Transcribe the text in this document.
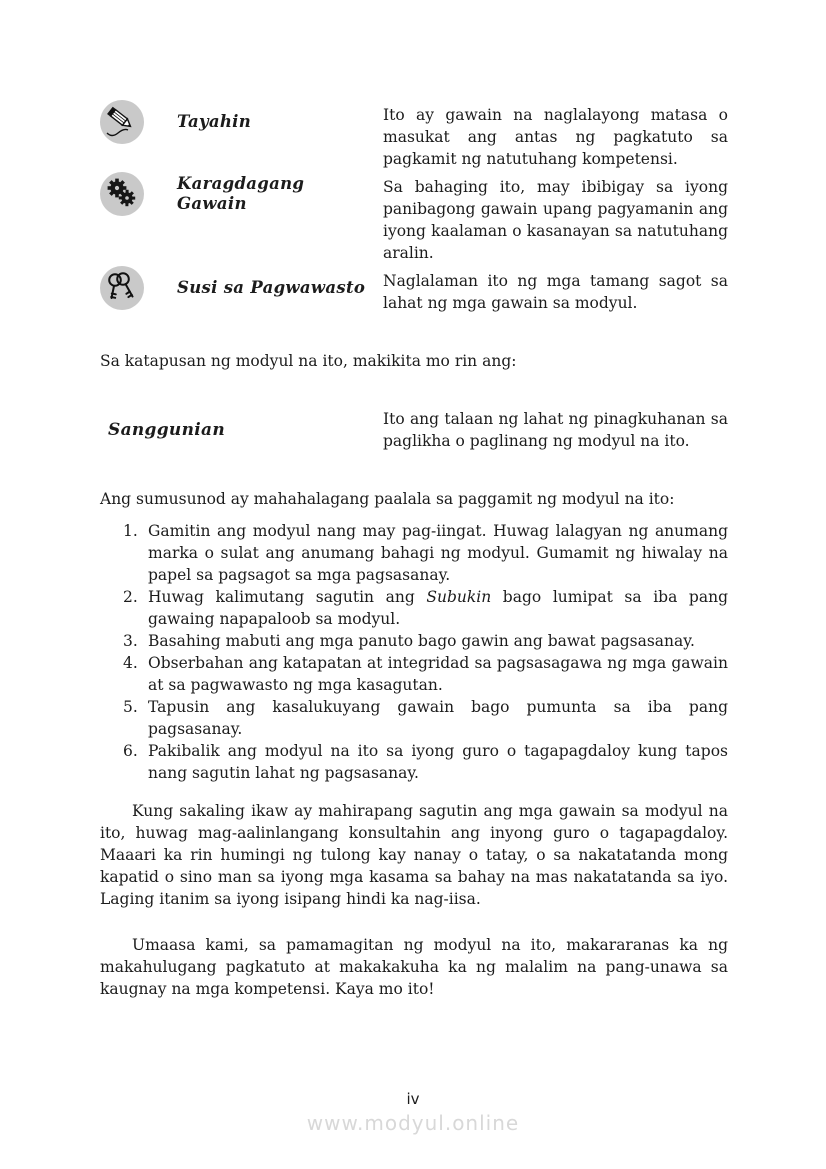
Tayahin	Ito ay gawain na naglalayong matasa o masukat ang antas ng pagkatuto sa pagkamit ng natutuhang kompetensi.
Karagdagang
Gawain
Sa bahaging ito, may ibibigay sa iyong panibagong gawain upang pagyamanin ang iyong kaalaman o kasanayan sa natutuhang aralin.
Susi sa Pagwawasto	Naglalaman ito ng mga tamang sagot sa lahat ng mga gawain sa modyul.

Sa katapusan ng modyul na ito, makikita mo rin ang:

Sanggunian
Ito ang talaan ng lahat ng pinagkuhanan sa paglikha o paglinang ng modyul na ito.

Ang sumusunod ay mahahalagang paalala sa paggamit ng modyul na ito:

1. Gamitin ang modyul nang may pag-iingat. Huwag lalagyan ng anumang marka o sulat ang anumang bahagi ng modyul. Gumamit ng hiwalay na papel sa pagsagot sa mga pagsasanay.
2. Huwag kalimutang sagutin ang Subukin bago lumipat sa iba pang gawaing napapaloob sa modyul.
3. Basahing mabuti ang mga panuto bago gawin ang bawat pagsasanay.
4. Obserbahan ang katapatan at integridad sa pagsasagawa ng mga gawain at sa pagwawasto ng mga kasagutan.
5. Tapusin ang kasalukuyang gawain bago pumunta sa iba pang pagsasanay.
6. Pakibalik ang modyul na ito sa iyong guro o tagapagdaloy kung tapos nang sagutin lahat ng pagsasanay.

Kung sakaling ikaw ay mahirapang sagutin ang mga gawain sa modyul na ito, huwag mag-aalinlangang konsultahin ang inyong guro o tagapagdaloy. Maaari ka rin humingi ng tulong kay nanay o tatay, o sa nakatatanda mong kapatid o sino man sa iyong mga kasama sa bahay na mas nakatatanda sa iyo. Laging itanim sa iyong isipang hindi ka nag-iisa.

Umaasa kami, sa pamamagitan ng modyul na ito, makararanas ka ng makahulugang pagkatuto at makakakuha ka ng malalim na pang-unawa sa kaugnay na mga kompetensi. Kaya mo ito!

iv
www.modyul.online
